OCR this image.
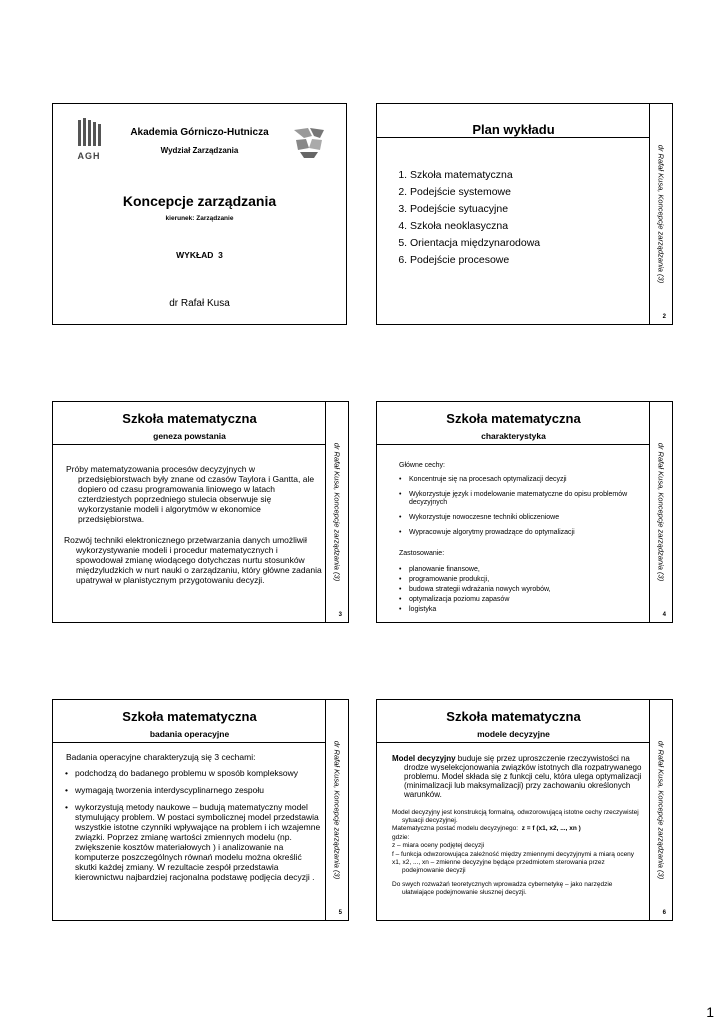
AGH
Akademia Górniczo-Hutnicza
Wydział Zarządzania
Koncepcje zarządzania
kierunek: Zarządzanie
WYKŁAD  3
dr Rafał Kusa
Plan wykładu
1. Szkoła matematyczna
2. Podejście systemowe
3. Podejście sytuacyjne
4. Szkoła neoklasyczna
5. Orientacja międzynarodowa
6. Podejście procesowe	dr Rafał Kusa, Koncepcje zarządzania (3)
2
Szkoła matematyczna
geneza powstania
Próby matematyzowania procesów decyzyjnych w przedsiębiorstwach były znane od czasów Taylora i Gantta, ale dopiero od czasu programowania liniowego w latach czterdziestych poprzedniego stulecia obserwuje się wykorzystanie modeli i algorytmów w ekonomice przedsiębiorstwa.
Rozwój techniki elektronicznego przetwarzania danych umożliwił wykorzystywanie modeli i procedur matematycznych i spowodował zmianę wiodącego dotychczas nurtu stosunków międzyludzkich w nurt nauki o zarządzaniu, który główne zadania upatrywał w planistycznym przygotowaniu decyzji.	dr Rafał Kusa, Koncepcje zarządzania (3)
3
Szkoła matematyczna
charakterystyka
Główne cechy:
• Koncentruje się na procesach optymalizacji decyzji
• Wykorzystuje język i modelowanie matematyczne do opisu problemów decyzyjnych
• Wykorzystuje nowoczesne techniki obliczeniowe
• Wypracowuje algorytmy prowadzące do optymalizacji
Zastosowanie:
• planowanie finansowe,
• programowanie produkcji,
• budowa strategii wdrażania nowych wyrobów,
• optymalizacja poziomu zapasów
• logistyka
dr Rafał Kusa, Koncepcje zarządzania (3)
4
Szkoła matematyczna
badania operacyjne
Badania operacyjne charakteryzują się 3 cechami:
• podchodzą do badanego problemu w sposób kompleksowy
• wymagają tworzenia interdyscyplinarnego zespołu
• wykorzystują metody naukowe – budują matematyczny model stymulujący problem. W postaci symbolicznej model przedstawia wszystkie istotne czynniki wpływające na problem i ich wzajemne związki. Poprzez zmianę wartości zmiennych modelu (np. zwiększenie kosztów materiałowych ) i analizowanie na komputerze poszczególnych równań modelu można określić skutki każdej zmiany. W rezultacie zespół przedstawia kierownictwu najbardziej racjonalna podstawę podjęcia decyzji .	dr Rafał Kusa, Koncepcje zarządzania (3)
5
Szkoła matematyczna
modele decyzyjne
Model decyzyjny buduje się przez uproszczenie rzeczywistości na drodze wyselekcjonowania związków istotnych dla rozpatrywanego problemu. Model składa się z funkcji celu, która ulega optymalizacji (minimalizacji lub maksymalizacji) przy zachowaniu określonych warunków.
Model decyzyjny jest konstrukcją formalną, odwzorowującą istotne cechy rzeczywistej sytuacji decyzyjnej.
Matematyczna postać modelu decyzyjnego: z = f (x1, x2, ..., xn )
gdzie:
z – miara oceny podjętej decyzji
f – funkcja odwzorowująca zależność między zmiennymi decyzyjnymi a miarą oceny
x1, x2, ..., xn – zmienne decyzyjne będące przedmiotem sterowania przez podejmowanie decyzji
Do swych rozważań teoretycznych wprowadza cybernetykę – jako narzędzie ułatwiające podejmowanie słusznej decyzji.
dr Rafał Kusa, Koncepcje zarządzania (3)
6
1
